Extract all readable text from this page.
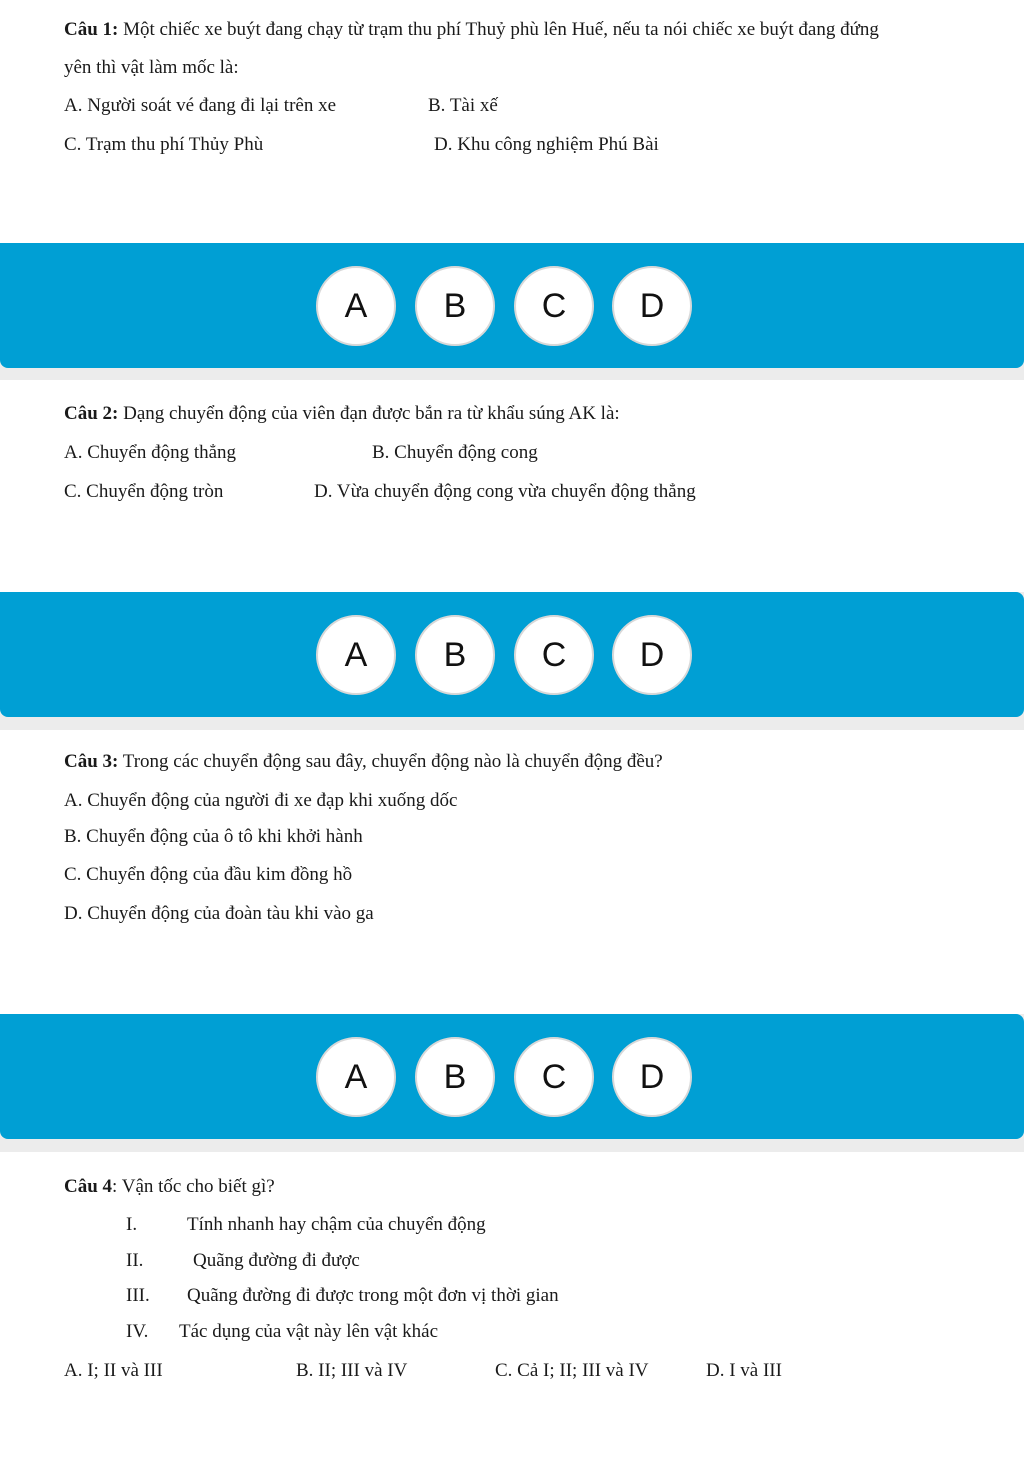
Câu 1: Một chiếc xe buýt đang chạy từ trạm thu phí Thuỷ phù lên Huế, nếu ta nói chiếc xe buýt đang đứng
yên thì vật làm mốc là:
A. Người soát vé đang đi lại trên xe	B. Tài xế
C. Trạm thu phí Thủy Phù	D. Khu công nghiệm Phú Bài
A	B	C	D
Câu 2: Dạng chuyển động của viên đạn được bắn ra từ khẩu súng AK là:
A. Chuyển động thẳng	B. Chuyển động cong
C. Chuyển động tròn	D. Vừa chuyển động cong vừa chuyển động thẳng
A	B	C	D
Câu 3: Trong các chuyển động sau đây, chuyển động nào là chuyển động đều?
A. Chuyển động của người đi xe đạp khi xuống dốc
B. Chuyển động của ô tô khi khởi hành
C. Chuyển động của đầu kim đồng hồ
D. Chuyển động của đoàn tàu khi vào ga
A	B	C	D
Câu 4: Vận tốc cho biết gì?
I.	Tính nhanh hay chậm của chuyển động
II.	Quãng đường đi được
III. Quãng đường đi được trong một đơn vị thời gian
IV. Tác dụng của vật này lên vật khác
A. I; II và III	B. II; III và IV	C. Cả I; II; III và IV	D. I và III
